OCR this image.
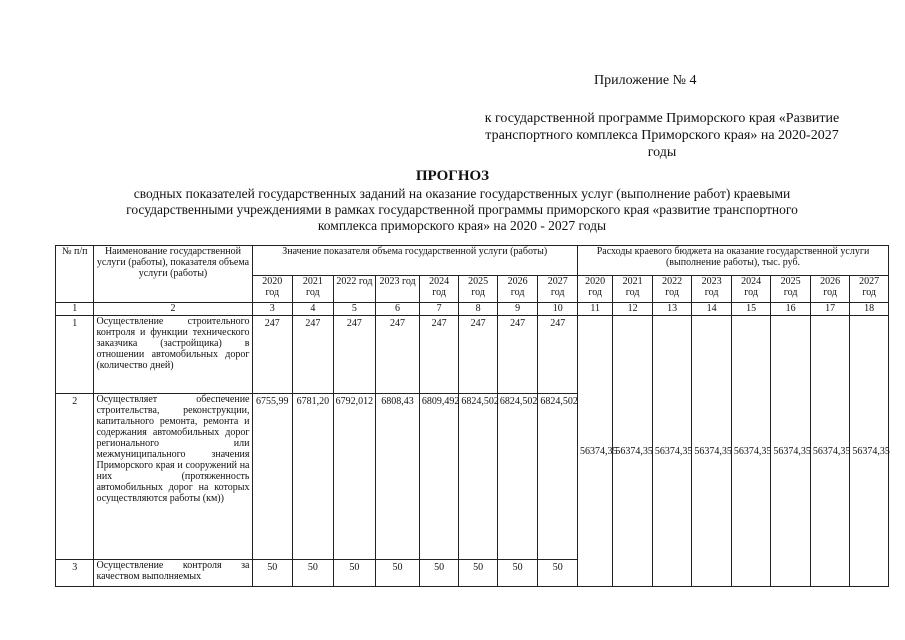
Приложение № 4
к государственной программе Приморского края «Развитие
транспортного комплекса Приморского края» на 2020-2027
годы
ПРОГНОЗ
сводных показателей государственных заданий на оказание государственных услуг (выполнение работ) краевыми
государственными учреждениями в рамках государственной программы приморского края «развитие транспортного
комплекса приморского края» на 2020 - 2027 годы
№ п/п	Наименование государственной услуги (работы), показателя объема услуги (работы)	Значение показателя объема государственной услуги (работы)								Расходы краевого бюджета на оказание государственной услуги (выполнение работы), тыс. руб.							
		2020 год	2021 год	2022 год	2023 год	2024 год	2025 год	2026 год	2027 год	2020 год	2021 год	2022 год	2023 год	2024 год	2025 год	2026 год	2027 год
1	2	3	4	5	6	7	8	9	10	11	12	13	14	15	16	17	18
1	Осуществление строительного контроля и функции технического заказчика (застройщика) в отношении автомобильных дорог (количество дней)	247	247	247	247	247	247	247	247	56374,35	56374,35	56374,35	56374,35	56374,35	56374,35	56374,35	56374,35
2	Осуществляет обеспечение строительства, реконструкции, капитального ремонта, ремонта и содержания автомобильных дорог регионального или межмуниципального значения Приморского края и сооружений на них (протяженность автомобильных дорог на которых осуществляются работы (км))	6755,99	6781,20	6792,012	6808,43	6809,492	6824,502	6824,502	6824,502								
3	Осуществление контроля за качеством выполняемых	50	50	50	50	50	50	50	50								
